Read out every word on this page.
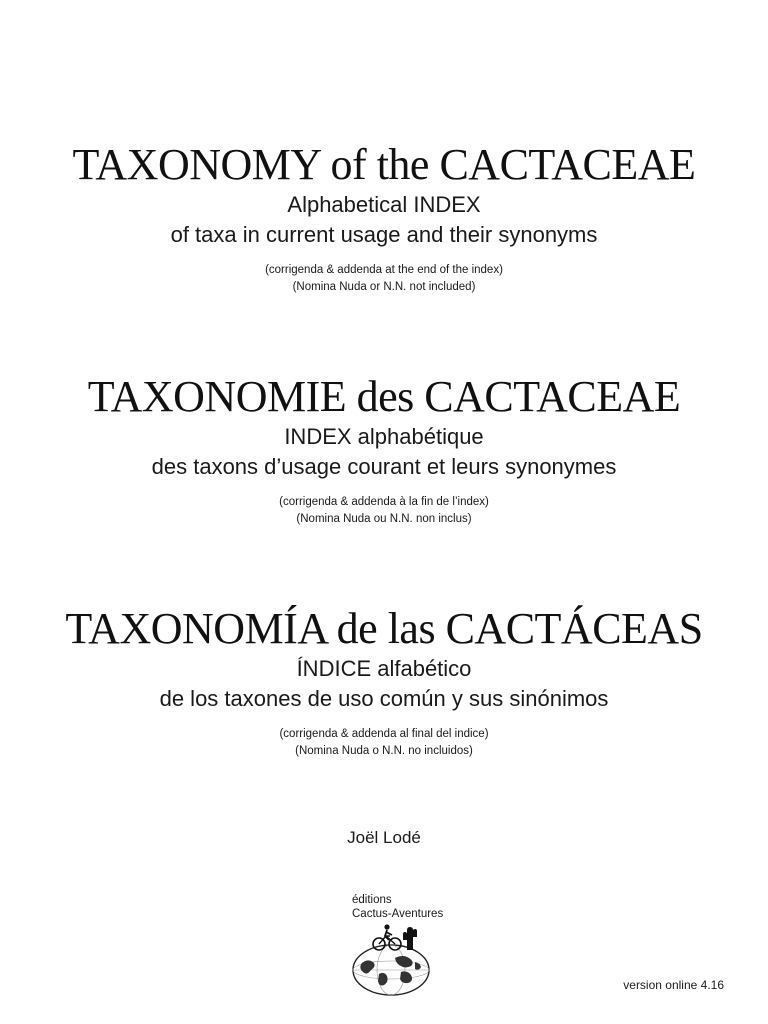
TAXONOMY of the CACTACEAE
Alphabetical INDEX
of taxa in current usage and their synonyms
(corrigenda & addenda at the end of the index)
(Nomina Nuda or N.N. not included)
TAXONOMIE des CACTACEAE
INDEX alphabétique
des taxons d’usage courant et leurs synonymes
(corrigenda & addenda à la fin de l’index)
(Nomina Nuda ou N.N. non inclus)
TAXONOMÍA de las CACTÁCEAS
ÍNDICE alfabético
de los taxones de uso común y sus sinónimos
(corrigenda & addenda al final del indice)
(Nomina Nuda o N.N. no incluidos)
Joël Lodé
éditions
Cactus-Aventures
version online 4.16
